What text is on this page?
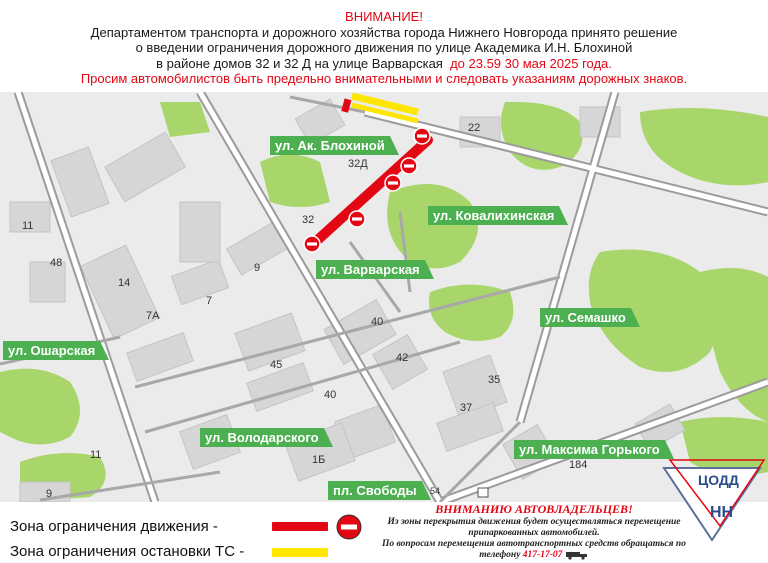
ВНИМАНИЕ!
Департаментом транспорта и дорожного хозяйства города Нижнего Новгорода принято решение
о введении ограничения дорожного движения по улице Академика И.Н. Блохиной
в районе домов 32 и 32 Д на улице Варварская до 23.59 30 мая 2025 года.
Просим автомобилистов быть предельно внимательными и следовать указаниям дорожных знаков.
ул. Ак. Блохиной
ул. Ковалихинская
ул. Варварская
ул. Семашко
ул. Ошарская
ул. Володарского
ул. Максима Горького
пл. Свободы
22
32Д
32
11
48
14
9
7
7А	40
42
45
35
40
37
11	1Б	184
9	54
Зона ограничения движения -
Зона ограничения остановки ТС -
ВНИМАНИЮ АВТОВЛАДЕЛЬЦЕВ!
Из зоны перекрытия движения будет осуществляться перемещение припаркованных автомобилей.
По вопросам перемещения автотранспортных средств обращаться по телефону 417-17-07
ЦОДД
НН
